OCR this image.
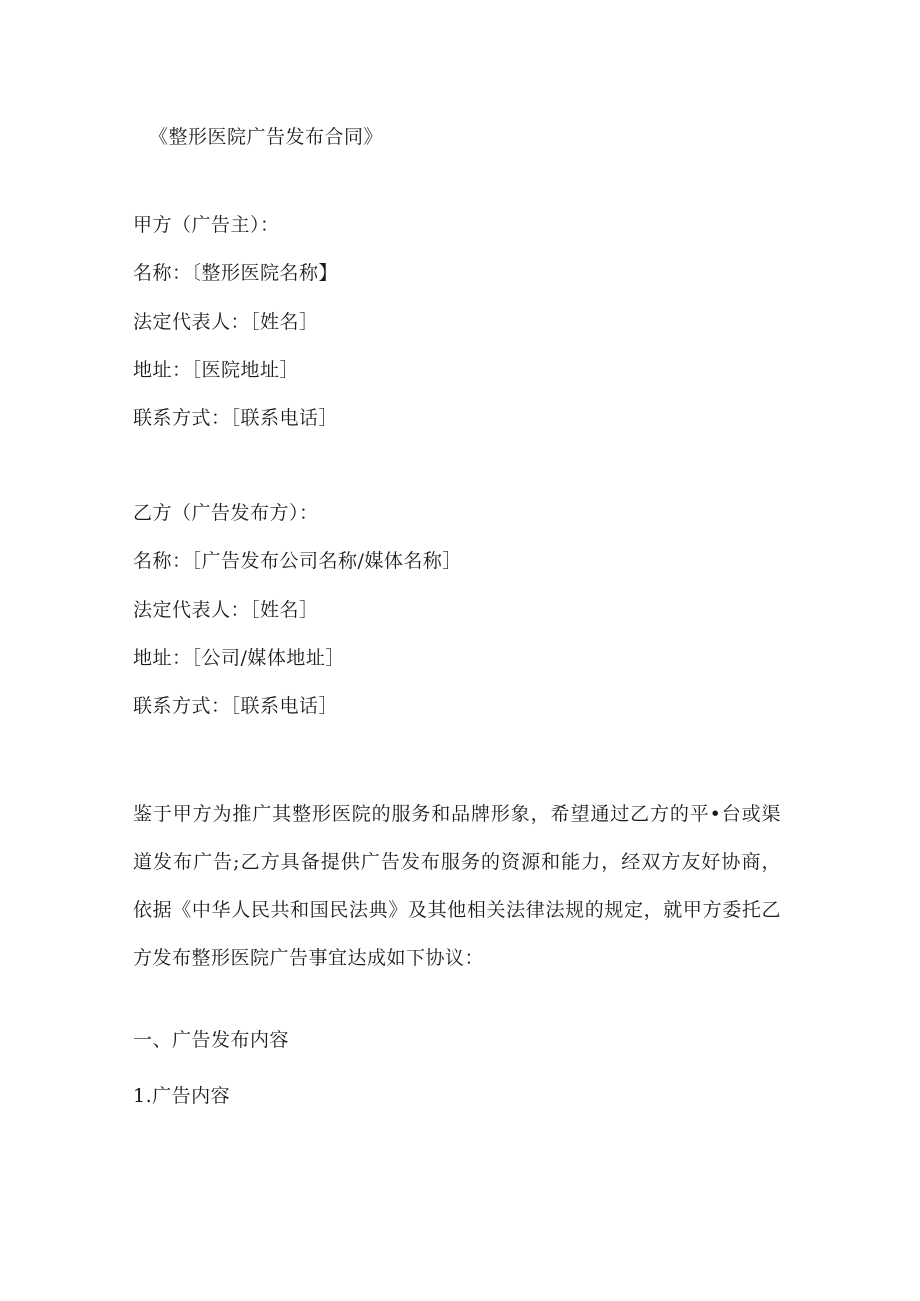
《整形医院广告发布合同》
甲方（广告主）：
名称：〔整形医院名称】
法定代表人：［姓名］
地址：［医院地址］
联系方式：［联系电话］
乙方（广告发布方）：
名称：［广告发布公司名称/媒体名称］
法定代表人：［姓名］
地址：［公司/媒体地址］
联系方式：［联系电话］
鉴于甲方为推广其整形医院的服务和品牌形象，希望通过乙方的平•台或渠道发布广告;乙方具备提供广告发布服务的资源和能力，经双方友好协商，依据《中华人民共和国民法典》及其他相关法律法规的规定，就甲方委托乙方发布整形医院广告事宜达成如下协议：
一、广告发布内容
1.广告内容
